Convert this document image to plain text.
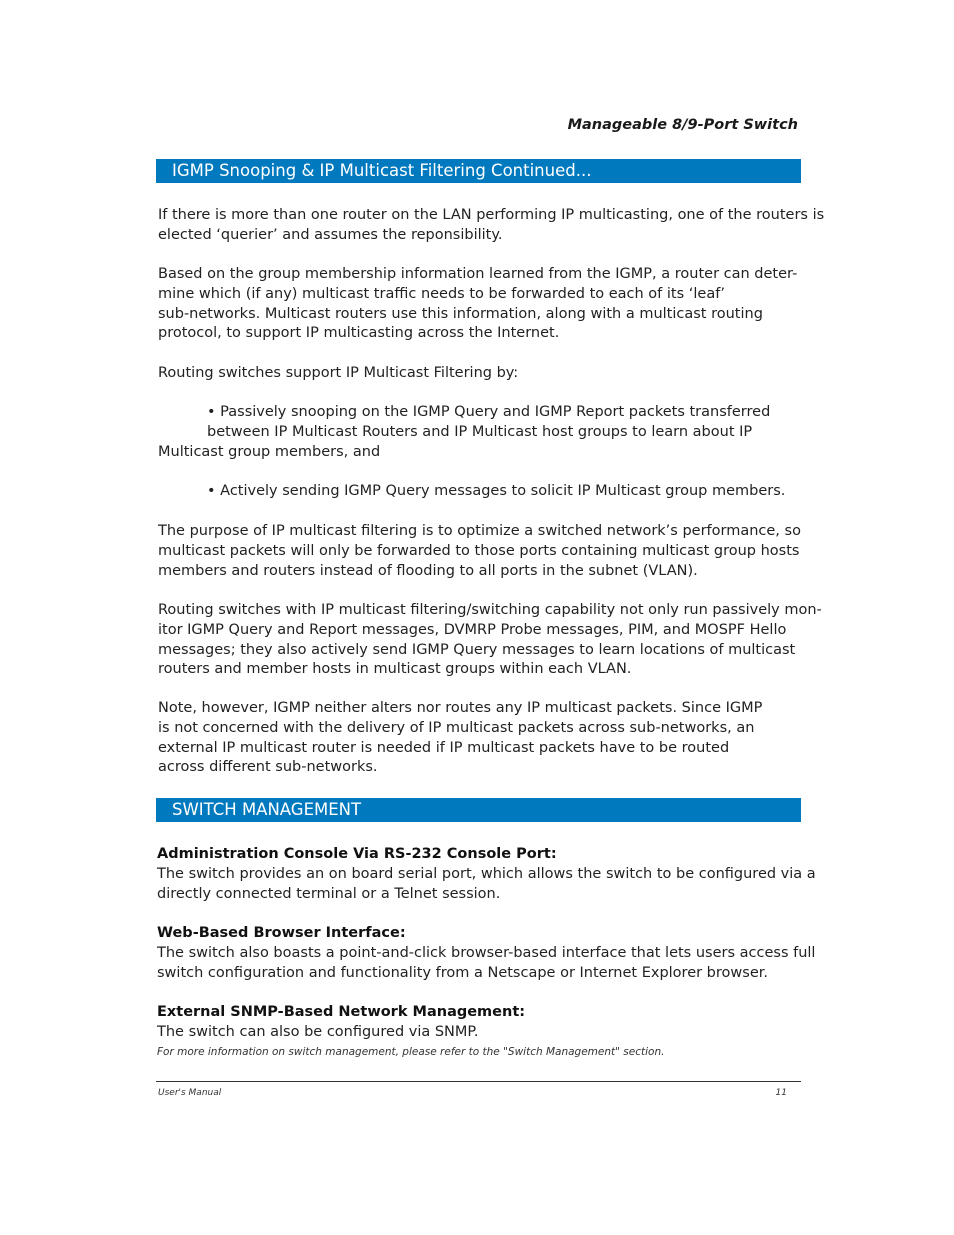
Manageable 8/9-Port Switch
IGMP Snooping & IP Multicast Filtering Continued...
If there is more than one router on the LAN performing IP multicasting, one of the routers is
elected ‘querier’ and assumes the reponsibility.
Based on the group membership information learned from the IGMP, a router can deter-
mine which (if any) multicast traffic needs to be forwarded to each of its ‘leaf’
sub-networks. Multicast routers use this information, along with a multicast routing
protocol, to support IP multicasting across the Internet.
Routing switches support IP Multicast Filtering by:
• Passively snooping on the IGMP Query and IGMP Report packets transferred
between IP Multicast Routers and IP Multicast host groups to learn about IP
Multicast group members, and
• Actively sending IGMP Query messages to solicit IP Multicast group members.
The purpose of IP multicast filtering is to optimize a switched network’s performance, so
multicast packets will only be forwarded to those ports containing multicast group hosts
members and routers instead of flooding to all ports in the subnet (VLAN).
Routing switches with IP multicast filtering/switching capability not only run passively mon-
itor IGMP Query and Report messages, DVMRP Probe messages, PIM, and MOSPF Hello
messages; they also actively send IGMP Query messages to learn locations of multicast
routers and member hosts in multicast groups within each VLAN.
Note, however, IGMP neither alters nor routes any IP multicast packets. Since IGMP
is not concerned with the delivery of IP multicast packets across sub-networks, an
external IP multicast router is needed if IP multicast packets have to be routed
across different sub-networks.
SWITCH MANAGEMENT
Administration Console Via RS-232 Console Port:
The switch provides an on board serial port, which allows the switch to be configured via a
directly connected terminal or a Telnet session.
Web-Based Browser Interface:
The switch also boasts a point-and-click browser-based interface that lets users access full
switch configuration and functionality from a Netscape or Internet Explorer browser.
External SNMP-Based Network Management:
The switch can also be configured via SNMP.
For more information on switch management, please refer to the "Switch Management" section.
User's Manual	11
